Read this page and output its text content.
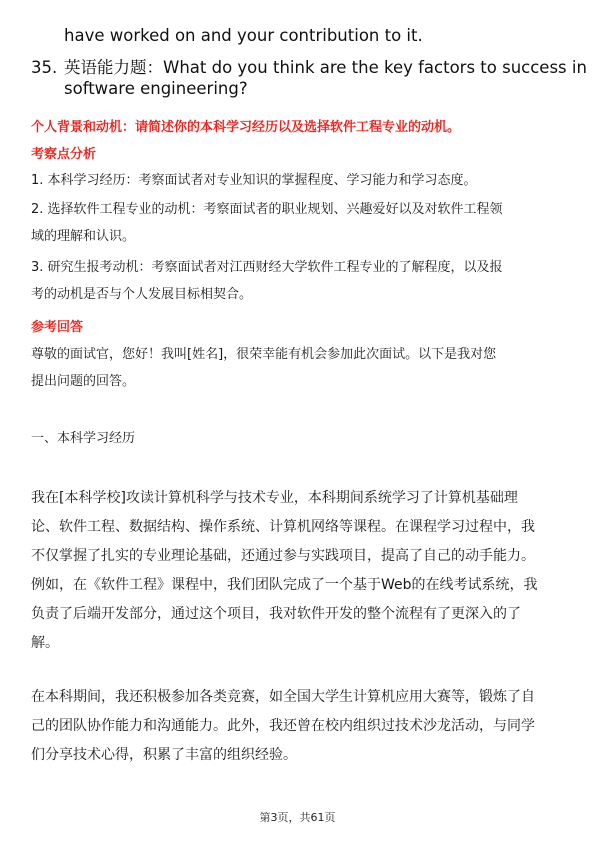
have worked on and your contribution to it.

35. 英语能力题：What do you think are the key factors to success in

software engineering?

个人背景和动机：请简述你的本科学习经历以及选择软件工程专业的动机。

考察点分析

1. 本科学习经历：考察面试者对专业知识的掌握程度、学习能力和学习态度。

2. 选择软件工程专业的动机：考察面试者的职业规划、兴趣爱好以及对软件工程领

域的理解和认识。

3. 研究生报考动机：考察面试者对江西财经大学软件工程专业的了解程度，以及报

考的动机是否与个人发展目标相契合。

参考回答

尊敬的面试官，您好！我叫[姓名]，很荣幸能有机会参加此次面试。以下是我对您

提出问题的回答。

一、本科学习经历

我在[本科学校]攻读计算机科学与技术专业，本科期间系统学习了计算机基础理

论、软件工程、数据结构、操作系统、计算机网络等课程。在课程学习过程中，我

不仅掌握了扎实的专业理论基础，还通过参与实践项目，提高了自己的动手能力。

例如，在《软件工程》课程中，我们团队完成了一个基于Web的在线考试系统，我

负责了后端开发部分，通过这个项目，我对软件开发的整个流程有了更深入的了

解。

在本科期间，我还积极参加各类竞赛，如全国大学生计算机应用大赛等，锻炼了自

己的团队协作能力和沟通能力。此外，我还曾在校内组织过技术沙龙活动，与同学

们分享技术心得，积累了丰富的组织经验。

第3页，共61页
